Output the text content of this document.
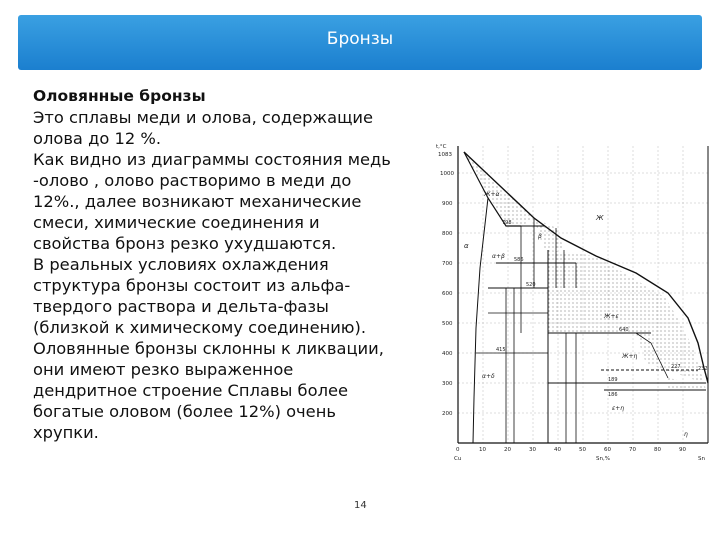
Бронзы

Оловянные бронзы

Это сплавы меди и олова, содержащие

олова до 12 %.

Как видно из диаграммы состояния медь

-олово , олово растворимо в меди до

12%., далее возникают механические

смеси, химические соединения и

свойства бронз резко ухудшаются.

В реальных условиях охлаждения

структура бронзы состоит из альфа-

твердого раствора и дельта-фазы

(близкой к химическому соединению).

Оловянные бронзы склонны к ликвации,

они имеют резко выраженное

дендритное строение Сплавы более

богатые оловом (более 12%) очень

хрупки.

t,°C
1083
1000
900
800
700
600
500
400
300
200
0	10	20	30	40	50	60	70	80	90
Sn,%
Cu	Sn
Ж
α
Ж+α
α+β
β
α+δ
ε+η
η
Ж+ε
Ж+η
798
586
520
415
227
189
186
640
232
14
